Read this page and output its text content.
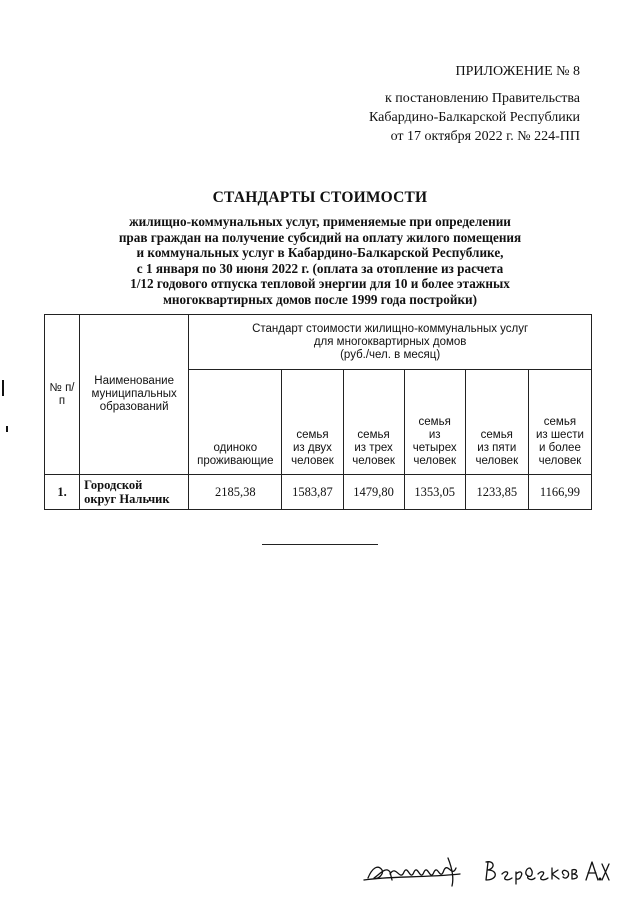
ПРИЛОЖЕНИЕ № 8
к постановлению Правительства
Кабардино-Балкарской Республики
от 17 октября 2022 г. № 224-ПП
СТАНДАРТЫ СТОИМОСТИ
жилищно-коммунальных услуг, применяемые при определении
прав граждан на получение субсидий на оплату жилого помещения
и коммунальных услуг в Кабардино-Балкарской Республике,
с 1 января по 30 июня 2022 г. (оплата за отопление из расчета
1/12 годового отпуска тепловой энергии для 10 и более этажных
многоквартирных домов после 1999 года постройки)
№ п/п	Наименование муниципальных образований	Стандарт стоимости жилищно-коммунальных услуг
для многоквартирных домов
(руб./чел. в месяц)					

		одиноко
проживающие	семья
из двух
человек	семья
из трех
человек	семья
из
четырех
человек	семья
из пяти
человек	семья
из шести
и более
человек

1.	Городской
округ Нальчик	2185,38	1583,87	1479,80	1353,05	1233,85	1166,99
